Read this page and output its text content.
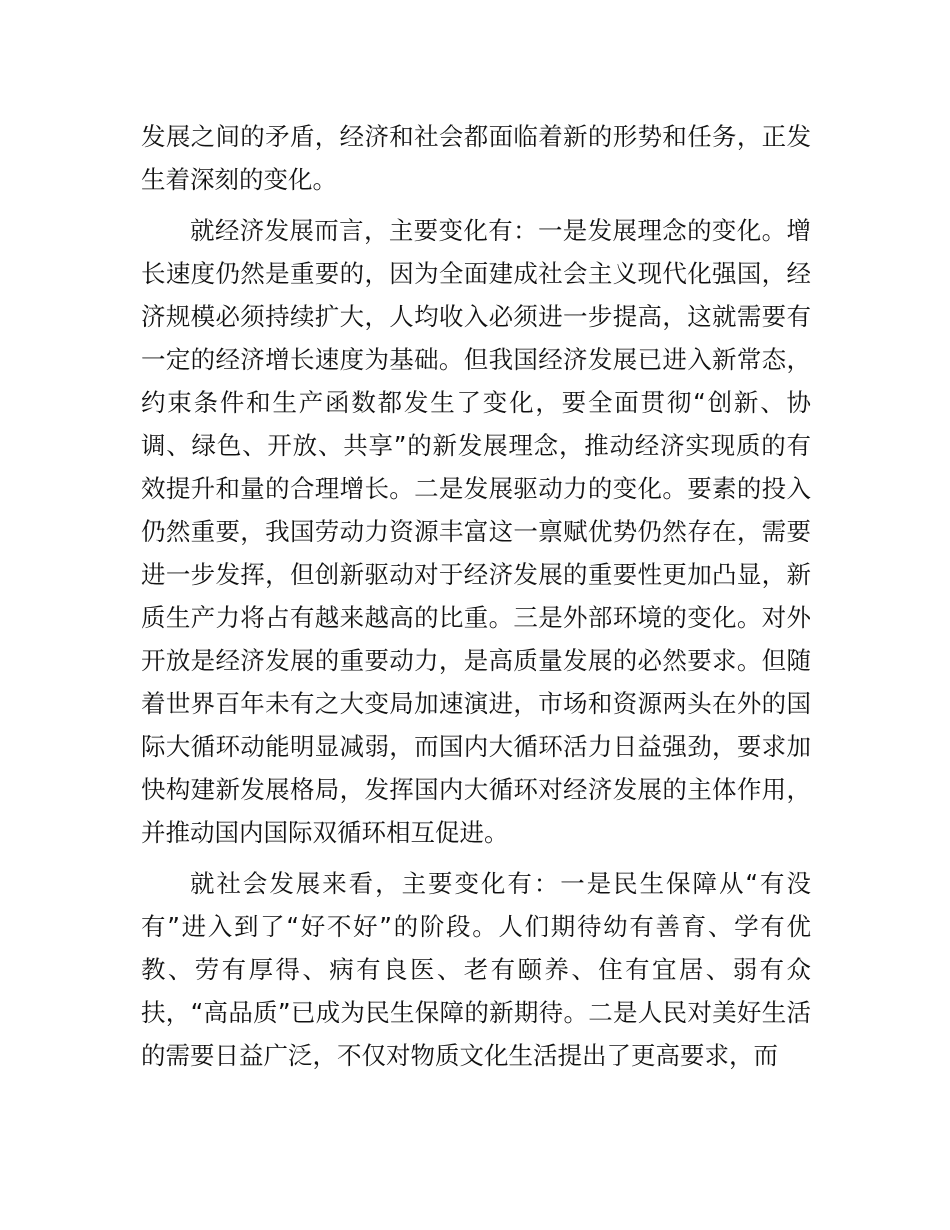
发展之间的矛盾，经济和社会都面临着新的形势和任务，正发生着深刻的变化。

就经济发展而言，主要变化有：一是发展理念的变化。增长速度仍然是重要的，因为全面建成社会主义现代化强国，经济规模必须持续扩大，人均收入必须进一步提高，这就需要有一定的经济增长速度为基础。但我国经济发展已进入新常态，约束条件和生产函数都发生了变化，要全面贯彻“创新、协调、绿色、开放、共享”的新发展理念，推动经济实现质的有效提升和量的合理增长。二是发展驱动力的变化。要素的投入仍然重要，我国劳动力资源丰富这一禀赋优势仍然存在，需要进一步发挥，但创新驱动对于经济发展的重要性更加凸显，新质生产力将占有越来越高的比重。三是外部环境的变化。对外开放是经济发展的重要动力，是高质量发展的必然要求。但随着世界百年未有之大变局加速演进，市场和资源两头在外的国际大循环动能明显减弱，而国内大循环活力日益强劲，要求加快构建新发展格局，发挥国内大循环对经济发展的主体作用，并推动国内国际双循环相互促进。

就社会发展来看，主要变化有：一是民生保障从“有没有”进入到了“好不好”的阶段。人们期待幼有善育、学有优教、劳有厚得、病有良医、老有颐养、住有宜居、弱有众扶，“高品质”已成为民生保障的新期待。二是人民对美好生活的需要日益广泛，不仅对物质文化生活提出了更高要求，而
